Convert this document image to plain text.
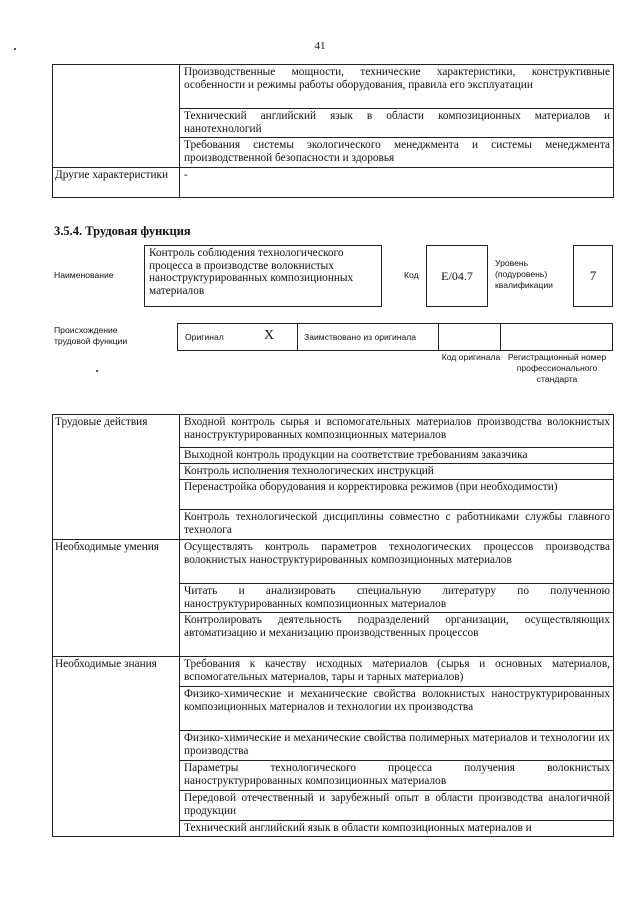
41
	Производственные мощности, технические характеристики, конструктивные особенности и режимы работы оборудования, правила его эксплуатации
	Технический английский язык в области композиционных материалов и нанотехнологий
	Требования системы экологического менеджмента и системы менеджмента производственной безопасности и здоровья
Другие характеристики	-
3.5.4. Трудовая функция
Наименование
Контроль соблюдения технологического процесса в производстве волокнистых наноструктурированных композиционных материалов
Код	E/04.7
Уровень (подуровень) квалификации
7
Происхождение трудовой функции	Оригинал	X	Заимствовано из оригинала
Код оригинала Регистрационный номер профессионального стандарта
Трудовые действия	Входной контроль сырья и вспомогательных материалов производства волокнистых наноструктурированных композиционных материалов
	Выходной контроль продукции на соответствие требованиям заказчика
	Контроль исполнения технологических инструкций
	Перенастройка оборудования и корректировка режимов (при необходимости)
	Контроль технологической дисциплины совместно с работниками службы главного технолога
Необходимые умения	Осуществлять контроль параметров технологических процессов производства волокнистых наноструктурированных композиционных материалов
	Читать и анализировать специальную литературу по полученною наноструктурированных композиционных материалов
	Контролировать деятельность подразделений организации, осуществляющих автоматизацию и механизацию производственных процессов
Необходимые знания	Требования к качеству исходных материалов (сырья и основных материалов, вспомогательных материалов, тары и тарных материалов)
	Физико-химические и механические свойства волокнистых наноструктурированных композиционных материалов и технологии их производства
	Физико-химические и механические свойства полимерных материалов и технологии их производства
	Параметры технологического процесса получения волокнистых наноструктурированных композиционных материалов
	Передовой отечественный и зарубежный опыт в области производства аналогичной продукции
	Технический английский язык в области композиционных материалов и
